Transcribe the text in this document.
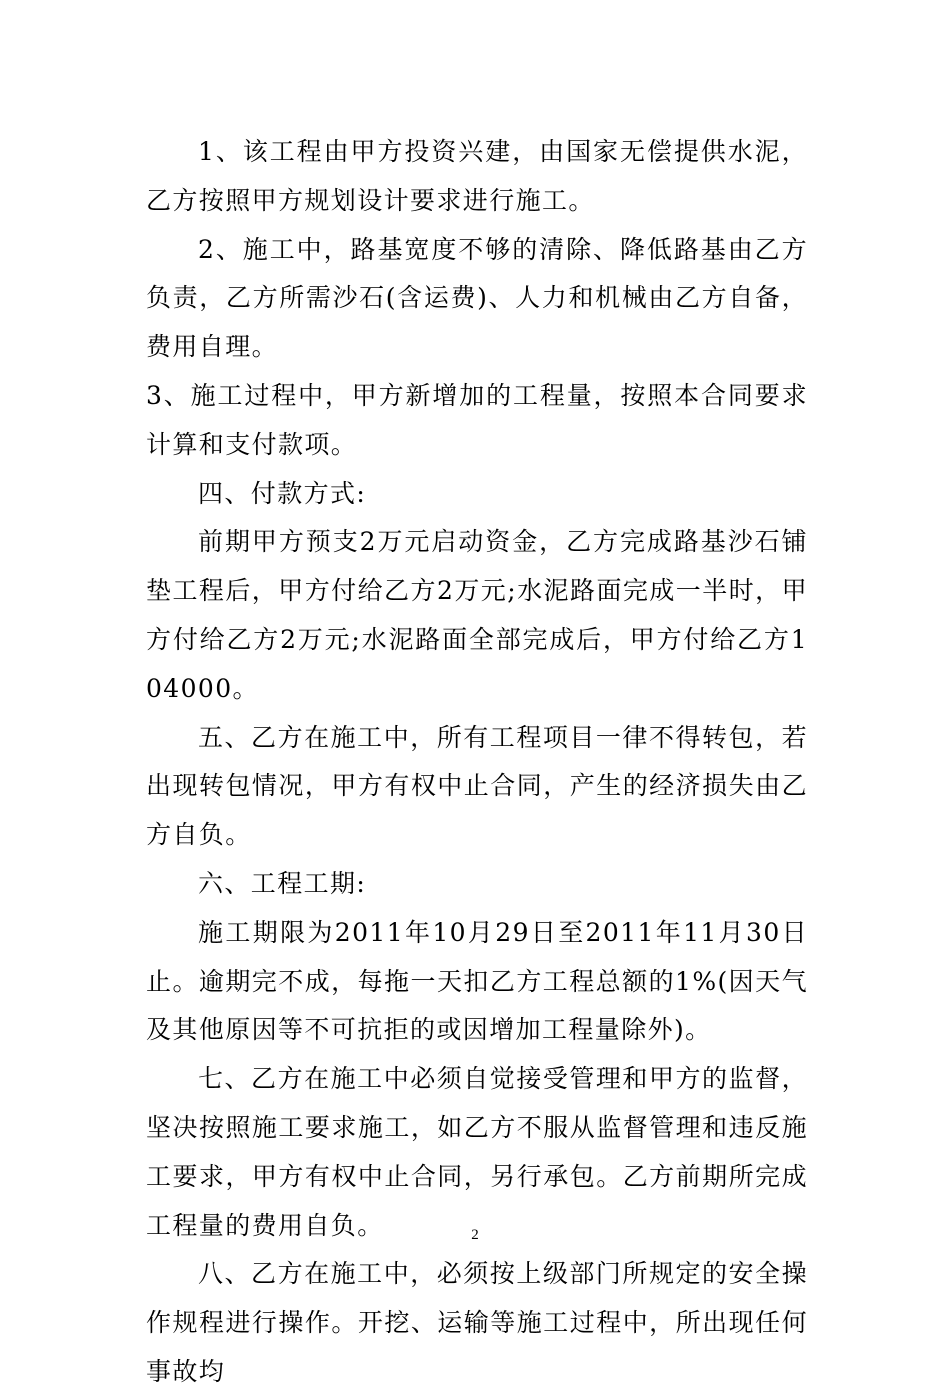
1、该工程由甲方投资兴建，由国家无偿提供水泥，乙方按照甲方规划设计要求进行施工。

2、施工中，路基宽度不够的清除、降低路基由乙方负责，乙方所需沙石(含运费)、人力和机械由乙方自备，费用自理。

3、施工过程中，甲方新增加的工程量，按照本合同要求计算和支付款项。

四、付款方式:

前期甲方预支2万元启动资金，乙方完成路基沙石铺垫工程后，甲方付给乙方2万元;水泥路面完成一半时，甲方付给乙方2万元;水泥路面全部完成后，甲方付给乙方104000。

五、乙方在施工中，所有工程项目一律不得转包，若出现转包情况，甲方有权中止合同，产生的经济损失由乙方自负。

六、工程工期:

施工期限为2011年10月29日至2011年11月30日止。逾期完不成，每拖一天扣乙方工程总额的1%(因天气及其他原因等不可抗拒的或因增加工程量除外)。

七、乙方在施工中必须自觉接受管理和甲方的监督，坚决按照施工要求施工，如乙方不服从监督管理和违反施工要求，甲方有权中止合同，另行承包。乙方前期所完成工程量的费用自负。

八、乙方在施工中，必须按上级部门所规定的安全操作规程进行操作。开挖、运输等施工过程中，所出现任何事故均

2
